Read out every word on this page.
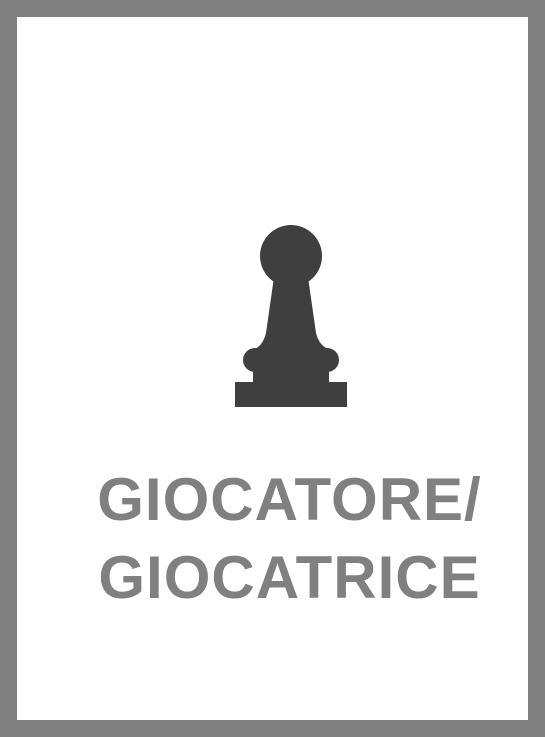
GIOCATORE/
GIOCATRICE
